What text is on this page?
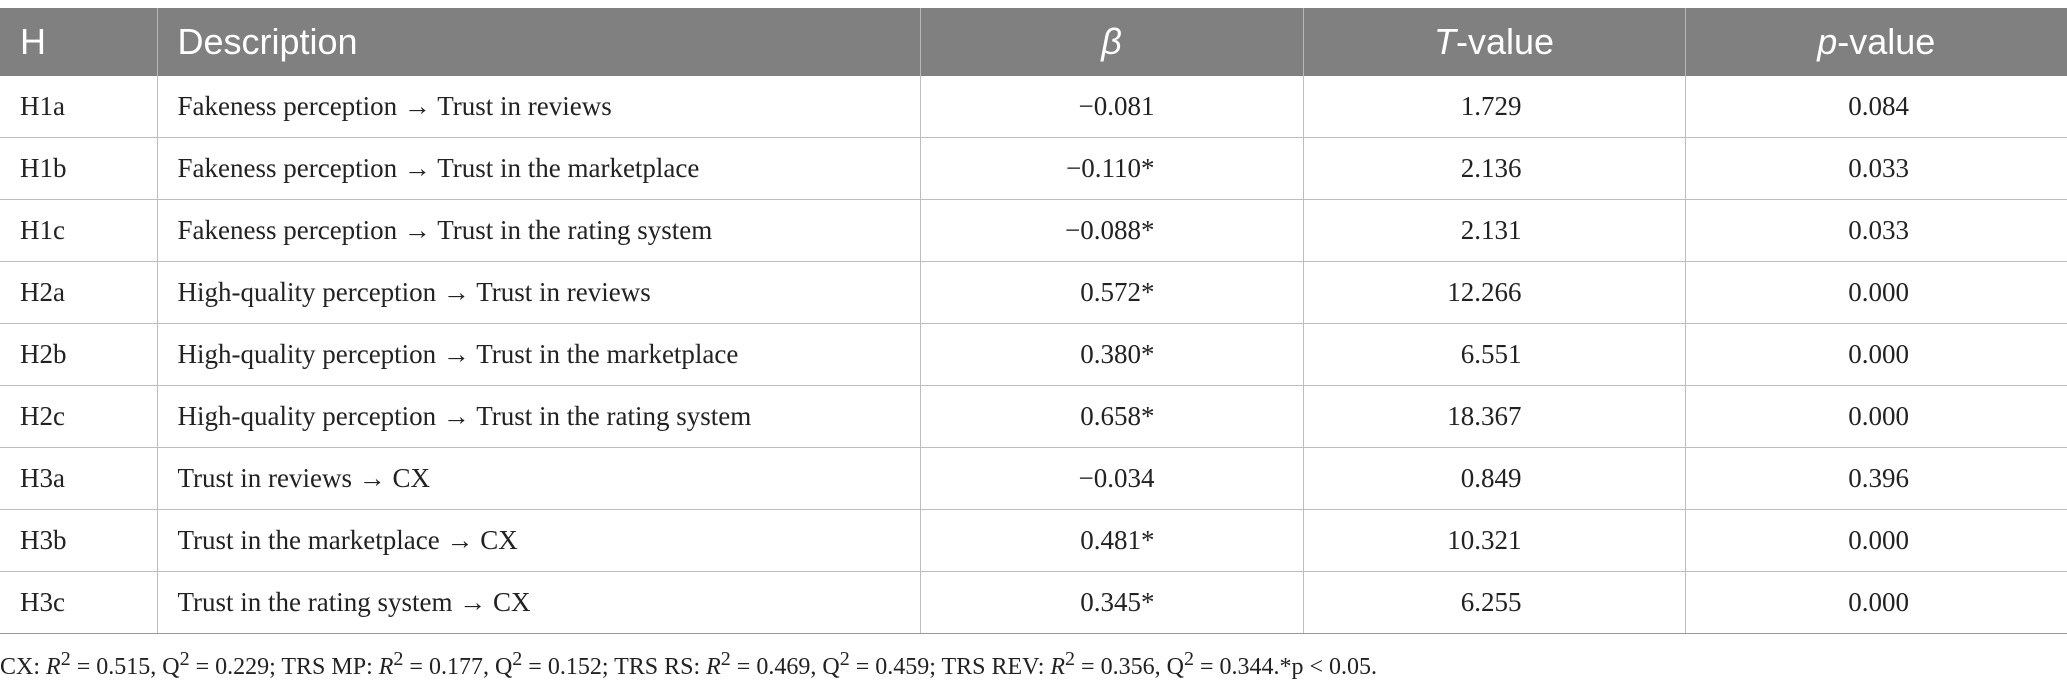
H	Description	β	T-value	p-value
H1a	Fakeness perception → Trust in reviews	−0.081	1.729	0.084
H1b	Fakeness perception → Trust in the marketplace	−0.110*	2.136	0.033
H1c	Fakeness perception → Trust in the rating system	−0.088*	2.131	0.033
H2a	High-quality perception → Trust in reviews	0.572*	12.266	0.000
H2b	High-quality perception → Trust in the marketplace	0.380*	6.551	0.000
H2c	High-quality perception → Trust in the rating system	0.658*	18.367	0.000
H3a	Trust in reviews → CX	−0.034	0.849	0.396
H3b	Trust in the marketplace → CX	0.481*	10.321	0.000
H3c	Trust in the rating system → CX	0.345*	6.255	0.000
CX: $R^2 = 0.515$, $Q^2 = 0.229$; TRS MP: $R^2 = 0.177$, $Q^2 = 0.152$; TRS RS: $R^2 = 0.469$, $Q^2 = 0.459$; TRS REV: $R^2 = 0.356$, $Q^2 = 0.344.*p < 0.05$.
